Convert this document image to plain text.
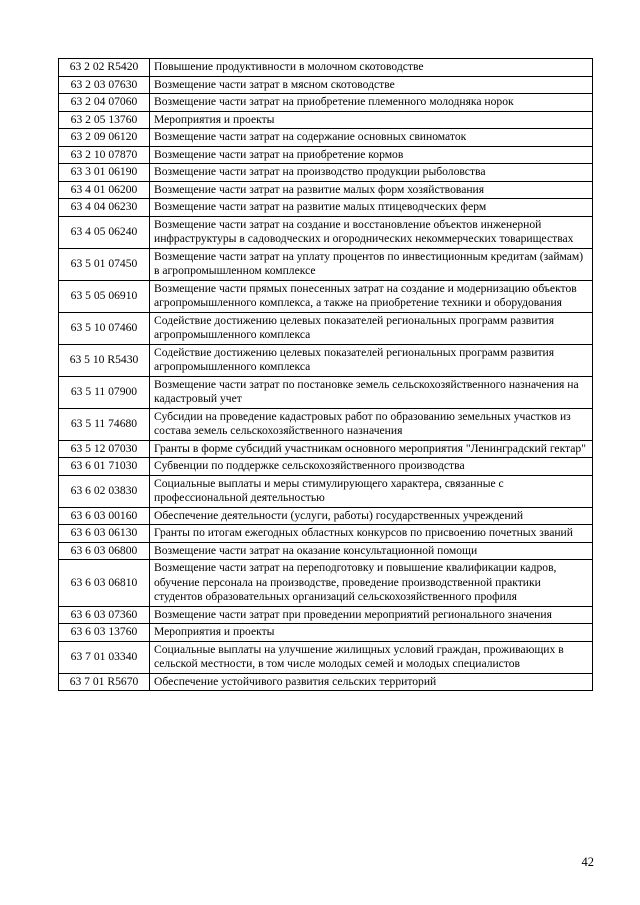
63 2 02 R5420	Повышение продуктивности в молочном скотоводстве
63 2 03 07630	Возмещение части затрат в мясном скотоводстве
63 2 04 07060	Возмещение части затрат на приобретение племенного молодняка норок
63 2 05 13760	Мероприятия и проекты
63 2 09 06120	Возмещение части затрат на содержание основных свиноматок
63 2 10 07870	Возмещение части затрат на приобретение кормов
63 3 01 06190	Возмещение части затрат на производство продукции рыболовства
63 4 01 06200	Возмещение части затрат на развитие малых форм хозяйствования
63 4 04 06230	Возмещение части затрат на развитие малых птицеводческих ферм
63 4 05 06240	Возмещение части затрат на создание и восстановление объектов инженерной инфраструктуры в садоводческих и огороднических некоммерческих товариществах
63 5 01 07450	Возмещение части затрат на уплату процентов по инвестиционным кредитам (займам) в агропромышленном комплексе
63 5 05 06910	Возмещение части прямых понесенных затрат на создание и модернизацию объектов агропромышленного комплекса, а также на приобретение техники и оборудования
63 5 10 07460	Содействие достижению целевых показателей региональных программ развития агропромышленного комплекса
63 5 10 R5430	Содействие достижению целевых показателей региональных программ развития агропромышленного комплекса
63 5 11 07900	Возмещение части затрат по постановке земель сельскохозяйственного назначения на кадастровый учет
63 5 11 74680	Субсидии на проведение кадастровых работ по образованию земельных участков из состава земель сельскохозяйственного назначения
63 5 12 07030	Гранты в форме субсидий участникам основного мероприятия "Ленинградский гектар"
63 6 01 71030	Субвенции по поддержке сельскохозяйственного производства
63 6 02 03830	Социальные выплаты и меры стимулирующего характера, связанные с профессиональной деятельностью
63 6 03 00160	Обеспечение деятельности (услуги, работы) государственных учреждений
63 6 03 06130	Гранты по итогам ежегодных областных конкурсов по присвоению почетных званий
63 6 03 06800	Возмещение части затрат на оказание консультационной помощи
63 6 03 06810	Возмещение части затрат на переподготовку и повышение квалификации кадров, обучение персонала на производстве, проведение производственной практики студентов образовательных организаций сельскохозяйственного профиля
63 6 03 07360	Возмещение части затрат при проведении мероприятий регионального значения
63 6 03 13760	Мероприятия и проекты
63 7 01 03340	Социальные выплаты на улучшение жилищных условий граждан, проживающих в сельской местности, в том числе молодых семей и молодых специалистов
63 7 01 R5670	Обеспечение устойчивого развития сельских территорий
42
